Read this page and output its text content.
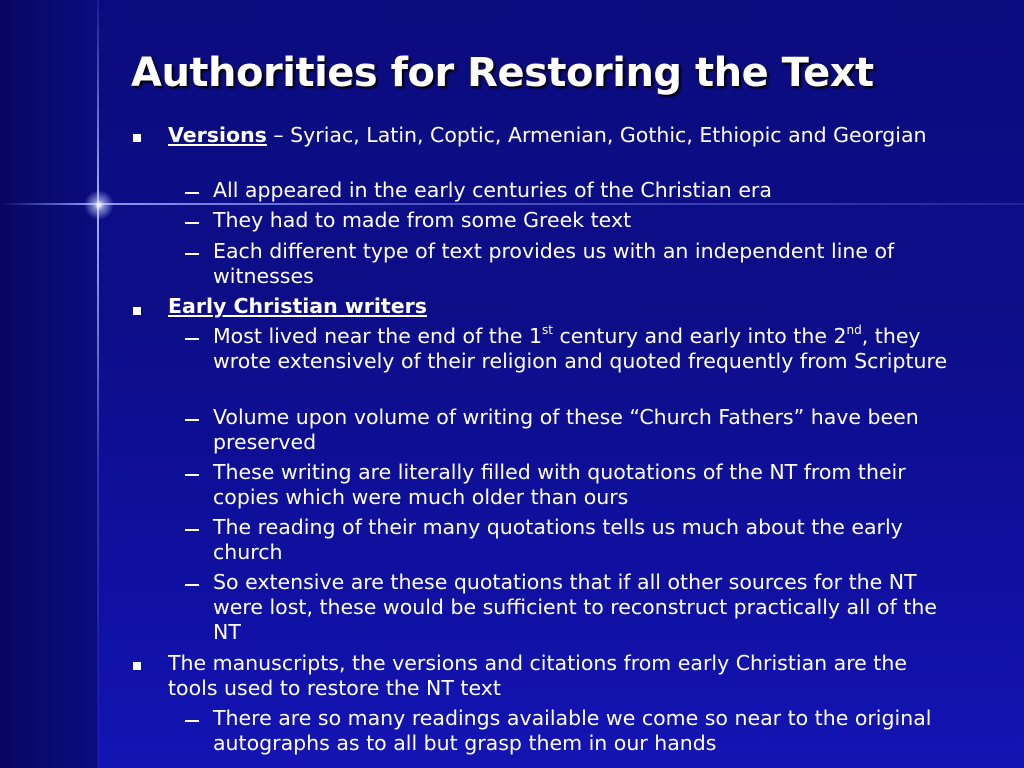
Authorities for Restoring the Text
Versions – Syriac, Latin, Coptic, Armenian, Gothic, Ethiopic and Georgian
All appeared in the early centuries of the Christian era
They had to made from some Greek text
Each different type of text provides us with an independent line of witnesses
Early Christian writers
Most lived near the end of the 1st century and early into the 2nd, they wrote extensively of their religion and quoted frequently from Scripture
Volume upon volume of writing of these “Church Fathers” have been preserved
These writing are literally filled with quotations of the NT from their copies which were much older than ours
The reading of their many quotations tells us much about the early church
So extensive are these quotations that if all other sources for the NT were lost, these would be sufficient to reconstruct practically all of the NT
The manuscripts, the versions and citations from early Christian are the tools used to restore the NT text
There are so many readings available we come so near to the original autographs as to all but grasp them in our hands
